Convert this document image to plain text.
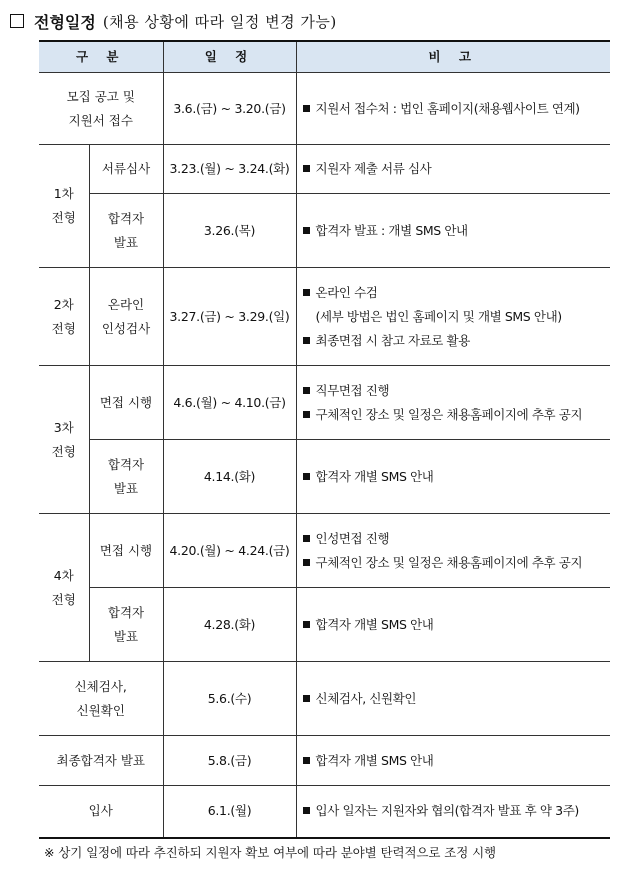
전형일정 (채용 상황에 따라 일정 변경 가능)
구 분		일 정	비 고

모집 공고 및
지원서 접수		3.6.(금) ~ 3.20.(금)	지원서 접수처 : 법인 홈페이지(채용웹사이트 연계)

1차
전형	서류심사	3.23.(월) ~ 3.24.(화)	지원자 제출 서류 심사

	합격자
발표	3.26.(목)	합격자 발표 : 개별 SMS 안내

2차
전형	온라인
인성검사	3.27.(금) ~ 3.29.(일)	온라인 수검
(세부 방법은 법인 홈페이지 및 개별 SMS 안내)
최종면접 시 참고 자료로 활용

3차
전형	면접 시행	4.6.(월) ~ 4.10.(금)	직무면접 진행
구체적인 장소 및 일정은 채용홈페이지에 추후 공지

	합격자
발표	4.14.(화)	합격자 개별 SMS 안내

4차
전형	면접 시행	4.20.(월) ~ 4.24.(금)	인성면접 진행
구체적인 장소 및 일정은 채용홈페이지에 추후 공지

	합격자
발표	4.28.(화)	합격자 개별 SMS 안내

신체검사,
신원확인		5.6.(수)	신체검사, 신원확인

최종합격자 발표		5.8.(금)	합격자 개별 SMS 안내

입사		6.1.(월)	입사 일자는 지원자와 협의(합격자 발표 후 약 3주)
※ 상기 일정에 따라 추진하되 지원자 확보 여부에 따라 분야별 탄력적으로 조정 시행
